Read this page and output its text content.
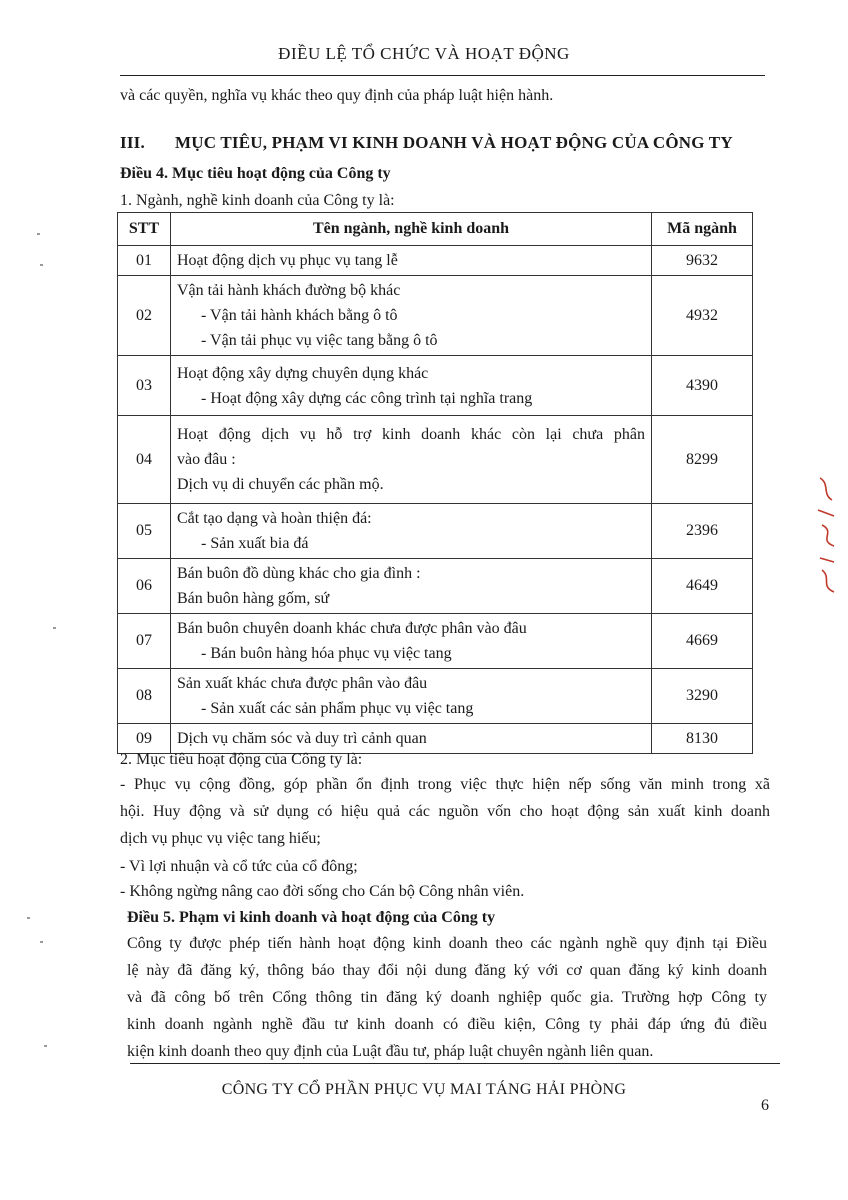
ĐIỀU LỆ TỔ CHỨC VÀ HOẠT ĐỘNG
và các quyền, nghĩa vụ khác theo quy định của pháp luật hiện hành.
III. MỤC TIÊU, PHẠM VI KINH DOANH VÀ HOẠT ĐỘNG CỦA CÔNG TY
Điều 4. Mục tiêu hoạt động của Công ty
1. Ngành, nghề kinh doanh của Công ty là:
STT	Tên ngành, nghề kinh doanh	Mã ngành
01	Hoạt động dịch vụ phục vụ tang lễ	9632
02	Vận tải hành khách đường bộ khác
- Vận tải hành khách bằng ô tô
- Vận tải phục vụ việc tang bằng ô tô	4932
03	Hoạt động xây dựng chuyên dụng khác
- Hoạt động xây dựng các công trình tại nghĩa trang	4390
04	Hoạt động dịch vụ hỗ trợ kinh doanh khác còn lại chưa phân
vào đâu :
Dịch vụ di chuyển các phần mộ.	8299
05	Cắt tạo dạng và hoàn thiện đá:
- Sản xuất bia đá	2396
06	Bán buôn đồ dùng khác cho gia đình :
Bán buôn hàng gốm, sứ	4649
07	Bán buôn chuyên doanh khác chưa được phân vào đâu
- Bán buôn hàng hóa phục vụ việc tang	4669
08	Sản xuất khác chưa được phân vào đâu
- Sản xuất các sản phẩm phục vụ việc tang	3290
09	Dịch vụ chăm sóc và duy trì cảnh quan	8130
2. Mục tiêu hoạt động của Công ty là:
- Phục vụ cộng đồng, góp phần ổn định trong việc thực hiện nếp sống văn minh trong xã
hội. Huy động và sử dụng có hiệu quả các nguồn vốn cho hoạt động sản xuất kinh doanh
dịch vụ phục vụ việc tang hiếu;
- Vì lợi nhuận và cổ tức của cổ đông;
- Không ngừng nâng cao đời sống cho Cán bộ Công nhân viên.
Điều 5. Phạm vi kinh doanh và hoạt động của Công ty
Công ty được phép tiến hành hoạt động kinh doanh theo các ngành nghề quy định tại Điều
lệ này đã đăng ký, thông báo thay đổi nội dung đăng ký với cơ quan đăng ký kinh doanh
và đã công bố trên Cổng thông tin đăng ký doanh nghiệp quốc gia. Trường hợp Công ty
kinh doanh ngành nghề đầu tư kinh doanh có điều kiện, Công ty phải đáp ứng đủ điều
kiện kinh doanh theo quy định của Luật đầu tư, pháp luật chuyên ngành liên quan.
CÔNG TY CỔ PHẦN PHỤC VỤ MAI TÁNG HẢI PHÒNG
6
